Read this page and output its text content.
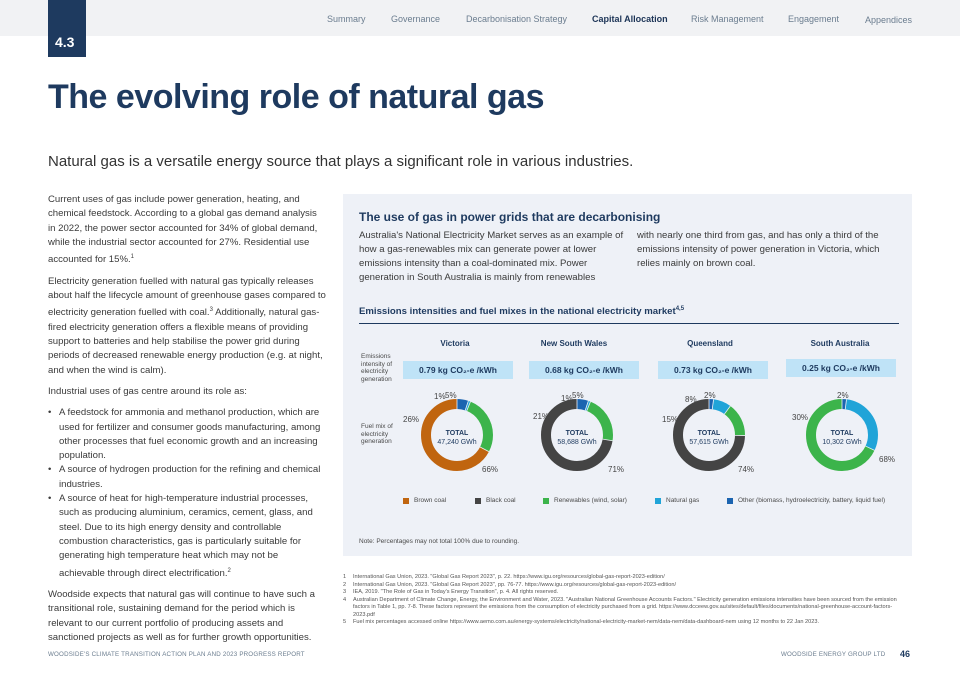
Summary	Governance	Decarbonisation Strategy	Capital Allocation	Risk Management	Engagement	Appendices
4.3
The evolving role of natural gas
Natural gas is a versatile energy source that plays a significant role in various industries.

Current uses of gas include power generation, heating, and chemical feedstock. According to a global gas demand analysis in 2022, the power sector accounted for 34% of global demand, while the industrial sector accounted for 27%. Residential use accounted for 15%.$^1$

Electricity generation fuelled with natural gas typically releases about half the lifecycle amount of greenhouse gases compared to electricity generation fuelled with coal.$^3$ Additionally, natural gas-fired electricity generation offers a flexible means of providing support to batteries and help stabilise the power grid during periods of decreased renewable energy production (e.g. at night, and when the wind is calm).

Industrial uses of gas centre around its role as:

• A feedstock for ammonia and methanol production, which are used for fertilizer and consumer goods manufacturing, among other processes that fuel economic growth and an increasing population.
• A source of hydrogen production for the refining and chemical industries.
• A source of heat for high-temperature industrial processes, such as producing aluminium, ceramics, cement, glass, and steel. Due to its high energy density and controllable combustion characteristics, gas is particularly suitable for generating high temperature heat which may not be achievable through direct electrification.$^2$

Woodside expects that natural gas will continue to have such a transitional role, sustaining demand for the period which is relevant to our current portfolio of producing assets and sanctioned projects as well as for further growth opportunities.

The use of gas in power grids that are decarbonising
Australia's National Electricity Market serves as an example of how a gas-renewables mix can generate power at lower emissions intensity than a coal-dominated mix. Power generation in South Australia is mainly from renewables
with nearly one third from gas, and has only a third of the emissions intensity of power generation in Victoria, which relies mainly on brown coal.
Emissions intensities and fuel mixes in the national electricity market$^{4,5}$
Emissions intensity of electricity generation
Fuel mix of electricity generation
Victoria	New South Wales	Queensland	South Australia
0.79 kg CO₂-e /kWh	0.68 kg CO₂-e /kWh	0.73 kg CO₂-e /kWh	0.25 kg CO₂-e /kWh
TOTAL
47,240 GWh
TOTAL
58,688 GWh
TOTAL
57,615 GWh
TOTAL
10,302 GWh
66%
26%
1% 5%
71%
21%
1% 5%
74%
15%
8% 2%
68%
30%
2%
Brown coal	Black coal	Renewables (wind, solar)	Natural gas	Other (biomass, hydroelectricity, battery, liquid fuel)
Note: Percentages may not total 100% due to rounding.
1	International Gas Union, 2023. "Global Gas Report 2023", p. 22. https://www.igu.org/resources/global-gas-report-2023-edition/
2	International Gas Union, 2023. "Global Gas Report 2023", pp. 76-77. https://www.igu.org/resources/global-gas-report-2023-edition/
3	IEA, 2019. "The Role of Gas in Today's Energy Transition", p. 4. All rights reserved.
4	Australian Department of Climate Change, Energy, the Environment and Water, 2023. "Australian National Greenhouse Accounts Factors." Electricity generation emissions intensities have been sourced from the emission factors in Table 1, pp. 7-8. These factors represent the emissions from the consumption of electricity purchased from a grid. https://www.dcceew.gov.au/sites/default/files/documents/national-greenhouse-account-factors-2023.pdf
5	Fuel mix percentages accessed online https://www.aemo.com.au/energy-systems/electricity/national-electricity-market-nem/data-nem/data-dashboard-nem using 12 months to 22 Jan 2023.
WOODSIDE'S CLIMATE TRANSITION ACTION PLAN AND 2023 PROGRESS REPORT	WOODSIDE ENERGY GROUP LTD 46
